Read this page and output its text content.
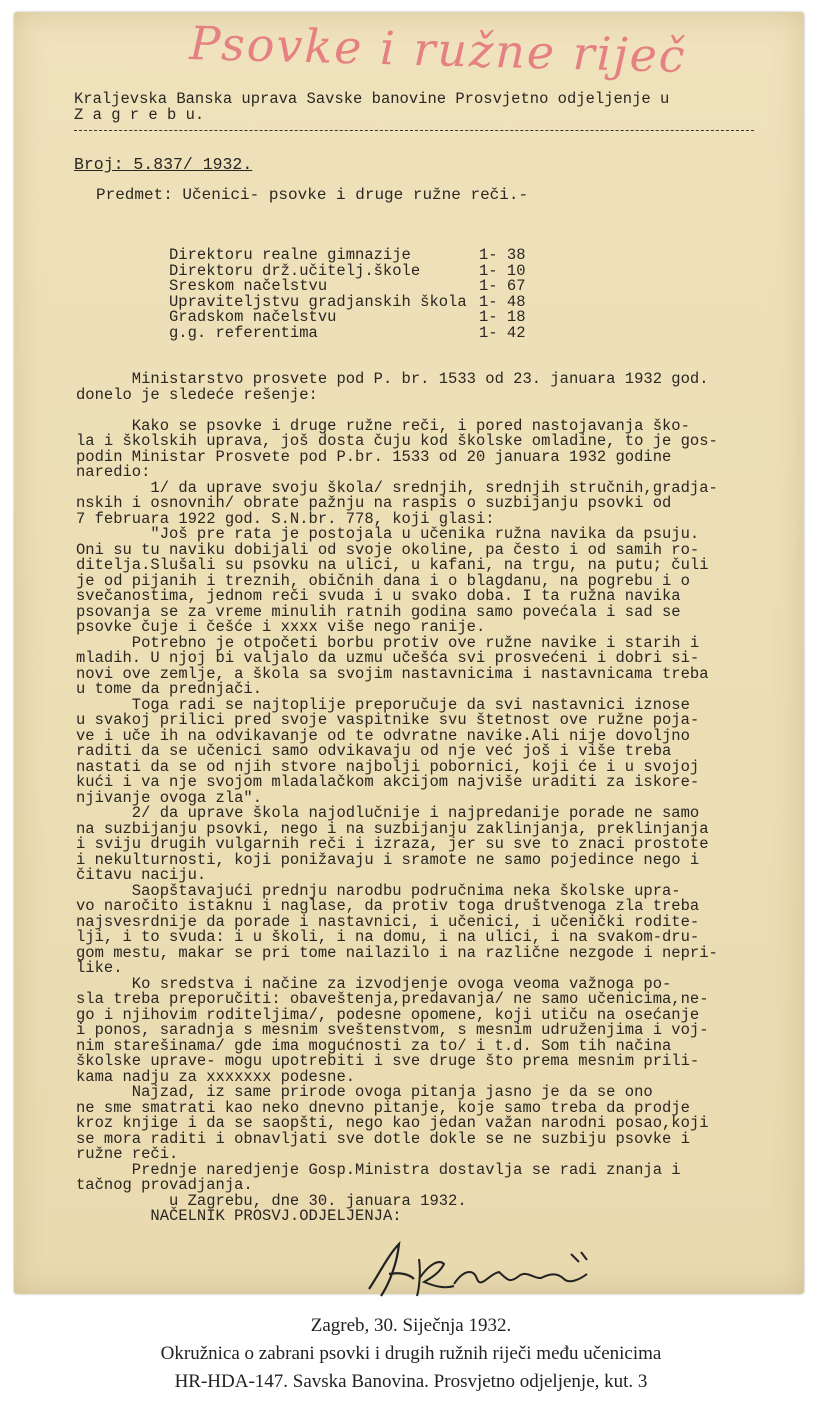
Psovke i ružne riječ
Kraljevska Banska uprava Savske banovine Prosvjetno odjeljenje u
Z a g r e b u.
Broj: 5.837/ 1932.
Predmet: Učenici- psovke i druge ružne reči.-
Direktoru realne gimnazije	1- 38
Direktoru drž.učitelj.škole	1- 10
Sreskom načelstvu	1- 67
Upraviteljstvu gradjanskih škola 1- 48
Gradskom načelstvu	1- 18
g.g. referentima	1- 42
Ministarstvo prosvete pod P. br. 1533 od 23. januara 1932 god.
donelo je sledeće rešenje:
Kako se psovke i druge ružne reči, i pored nastojavanja ško-
la i školskih uprava, još dosta čuju kod školske omladine, to je gos-
podin Ministar Prosvete pod P.br. 1533 od 20 januara 1932 godine
naredio:
1/ da uprave svoju škola/ srednjih, srednjih stručnih,gradja-
nskih i osnovnih/ obrate pažnju na raspis o suzbijanju psovki od
7 februara 1922 god. S.N.br. 778, koji glasi:
"Još pre rata je postojala u učenika ružna navika da psuju.
Oni su tu naviku dobijali od svoje okoline, pa često i od samih ro-
ditelja.Slušali su psovku na ulici, u kafani, na trgu, na putu; čuli
je od pijanih i treznih, običnih dana i o blagdanu, na pogrebu i o
svečanostima, jednom reči svuda i u svako doba. I ta ružna navika
psovanja se za vreme minulih ratnih godina samo povećala i sad se
psovke čuje i češće i xxxx više nego ranije.
Potrebno je otpočeti borbu protiv ove ružne navike i starih i
mladih. U njoj bi valjalo da uzmu učešća svi prosvećeni i dobri si-
novi ove zemlje, a škola sa svojim nastavnicima i nastavnicama treba
u tome da prednjači.
Toga radi se najtoplije preporučuje da svi nastavnici iznose
u svakoj prilici pred svoje vaspitnike svu štetnost ove ružne poja-
ve i uče ih na odvikavanje od te odvratne navike.Ali nije dovoljno
raditi da se učenici samo odvikavaju od nje već još i više treba
nastati da se od njih stvore najbolji pobornici, koji će i u svojoj
kući i va nje svojom mladalačkom akcijom najviše uraditi za iskore-
njivanje ovoga zla".
2/ da uprave škola najodlučnije i najpredanije porade ne samo
na suzbijanju psovki, nego i na suzbijanju zaklinjanja, preklinjanja
i sviju drugih vulgarnih reči i izraza, jer su sve to znaci prostote
i nekulturnosti, koji ponižavaju i sramote ne samo pojedince nego i
čitavu naciju.
Saopštavajući prednju narodbu područnima neka školske upra-
vo naročito istaknu i naglase, da protiv toga društvenoga zla treba
najsvesrdnije da porade i nastavnici, i učenici, i učenički rodite-
lji, i to svuda: i u školi, i na domu, i na ulici, i na svakom-dru-
gom mestu, makar se pri tome nailazilo i na različne nezgode i nepri-
like.
Ko sredstva i načine za izvodjenje ovoga veoma važnoga po-
sla treba preporučiti: obaveštenja,predavanja/ ne samo učenicima,ne-
go i njihovim roditeljima/, podesne opomene, koji utiču na osećanje
i ponos, saradnja s mesnim sveštenstvom, s mesnim udruženjima i voj-
nim starešinama/ gde ima mogućnosti za to/ i t.d. Som tih načina
školske uprave- mogu upotrebiti i sve druge što prema mesnim prili-
kama nadju za xxxxxxx podesne.
Najzad, iz same prirode ovoga pitanja jasno je da se ono
ne sme smatrati kao neko dnevno pitanje, koje samo treba da prodje
kroz knjige i da se saopšti, nego kao jedan važan narodni posao,koji
se mora raditi i obnavljati sve dotle dokle se ne suzbiju psovke i
ružne reči.
Prednje naredjenje Gosp.Ministra dostavlja se radi znanja i
tačnog provadjanja.
u Zagrebu, dne 30. januara 1932.
NAČELNIK PROSVJ.ODJELJENJA:
Zagreb, 30. Siječnja 1932.
Okružnica o zabrani psovki i drugih ružnih riječi među učenicima
HR-HDA-147. Savska Banovina. Prosvjetno odjeljenje, kut. 3
